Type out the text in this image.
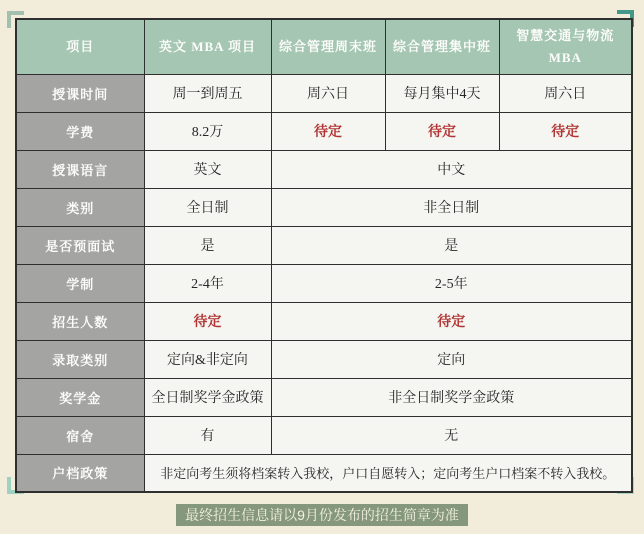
项目	英文 MBA 项目	综合管理周末班	综合管理集中班	智慧交通与物流 MBA
授课时间	周一到周五	周六日	每月集中4天	周六日
学费	8.2万	待定	待定	待定
授课语言	英文	中文		
类别	全日制	非全日制		
是否预面试	是	是		
学制	2-4年	2-5年		
招生人数	待定	待定		
录取类别	定向&非定向	定向		
奖学金	全日制奖学金政策	非全日制奖学金政策		
宿舍	有	无		
户档政策	非定向考生须将档案转入我校，户口自愿转入；定向考生户口档案不转入我校。			
最终招生信息请以9月份发布的招生简章为准
